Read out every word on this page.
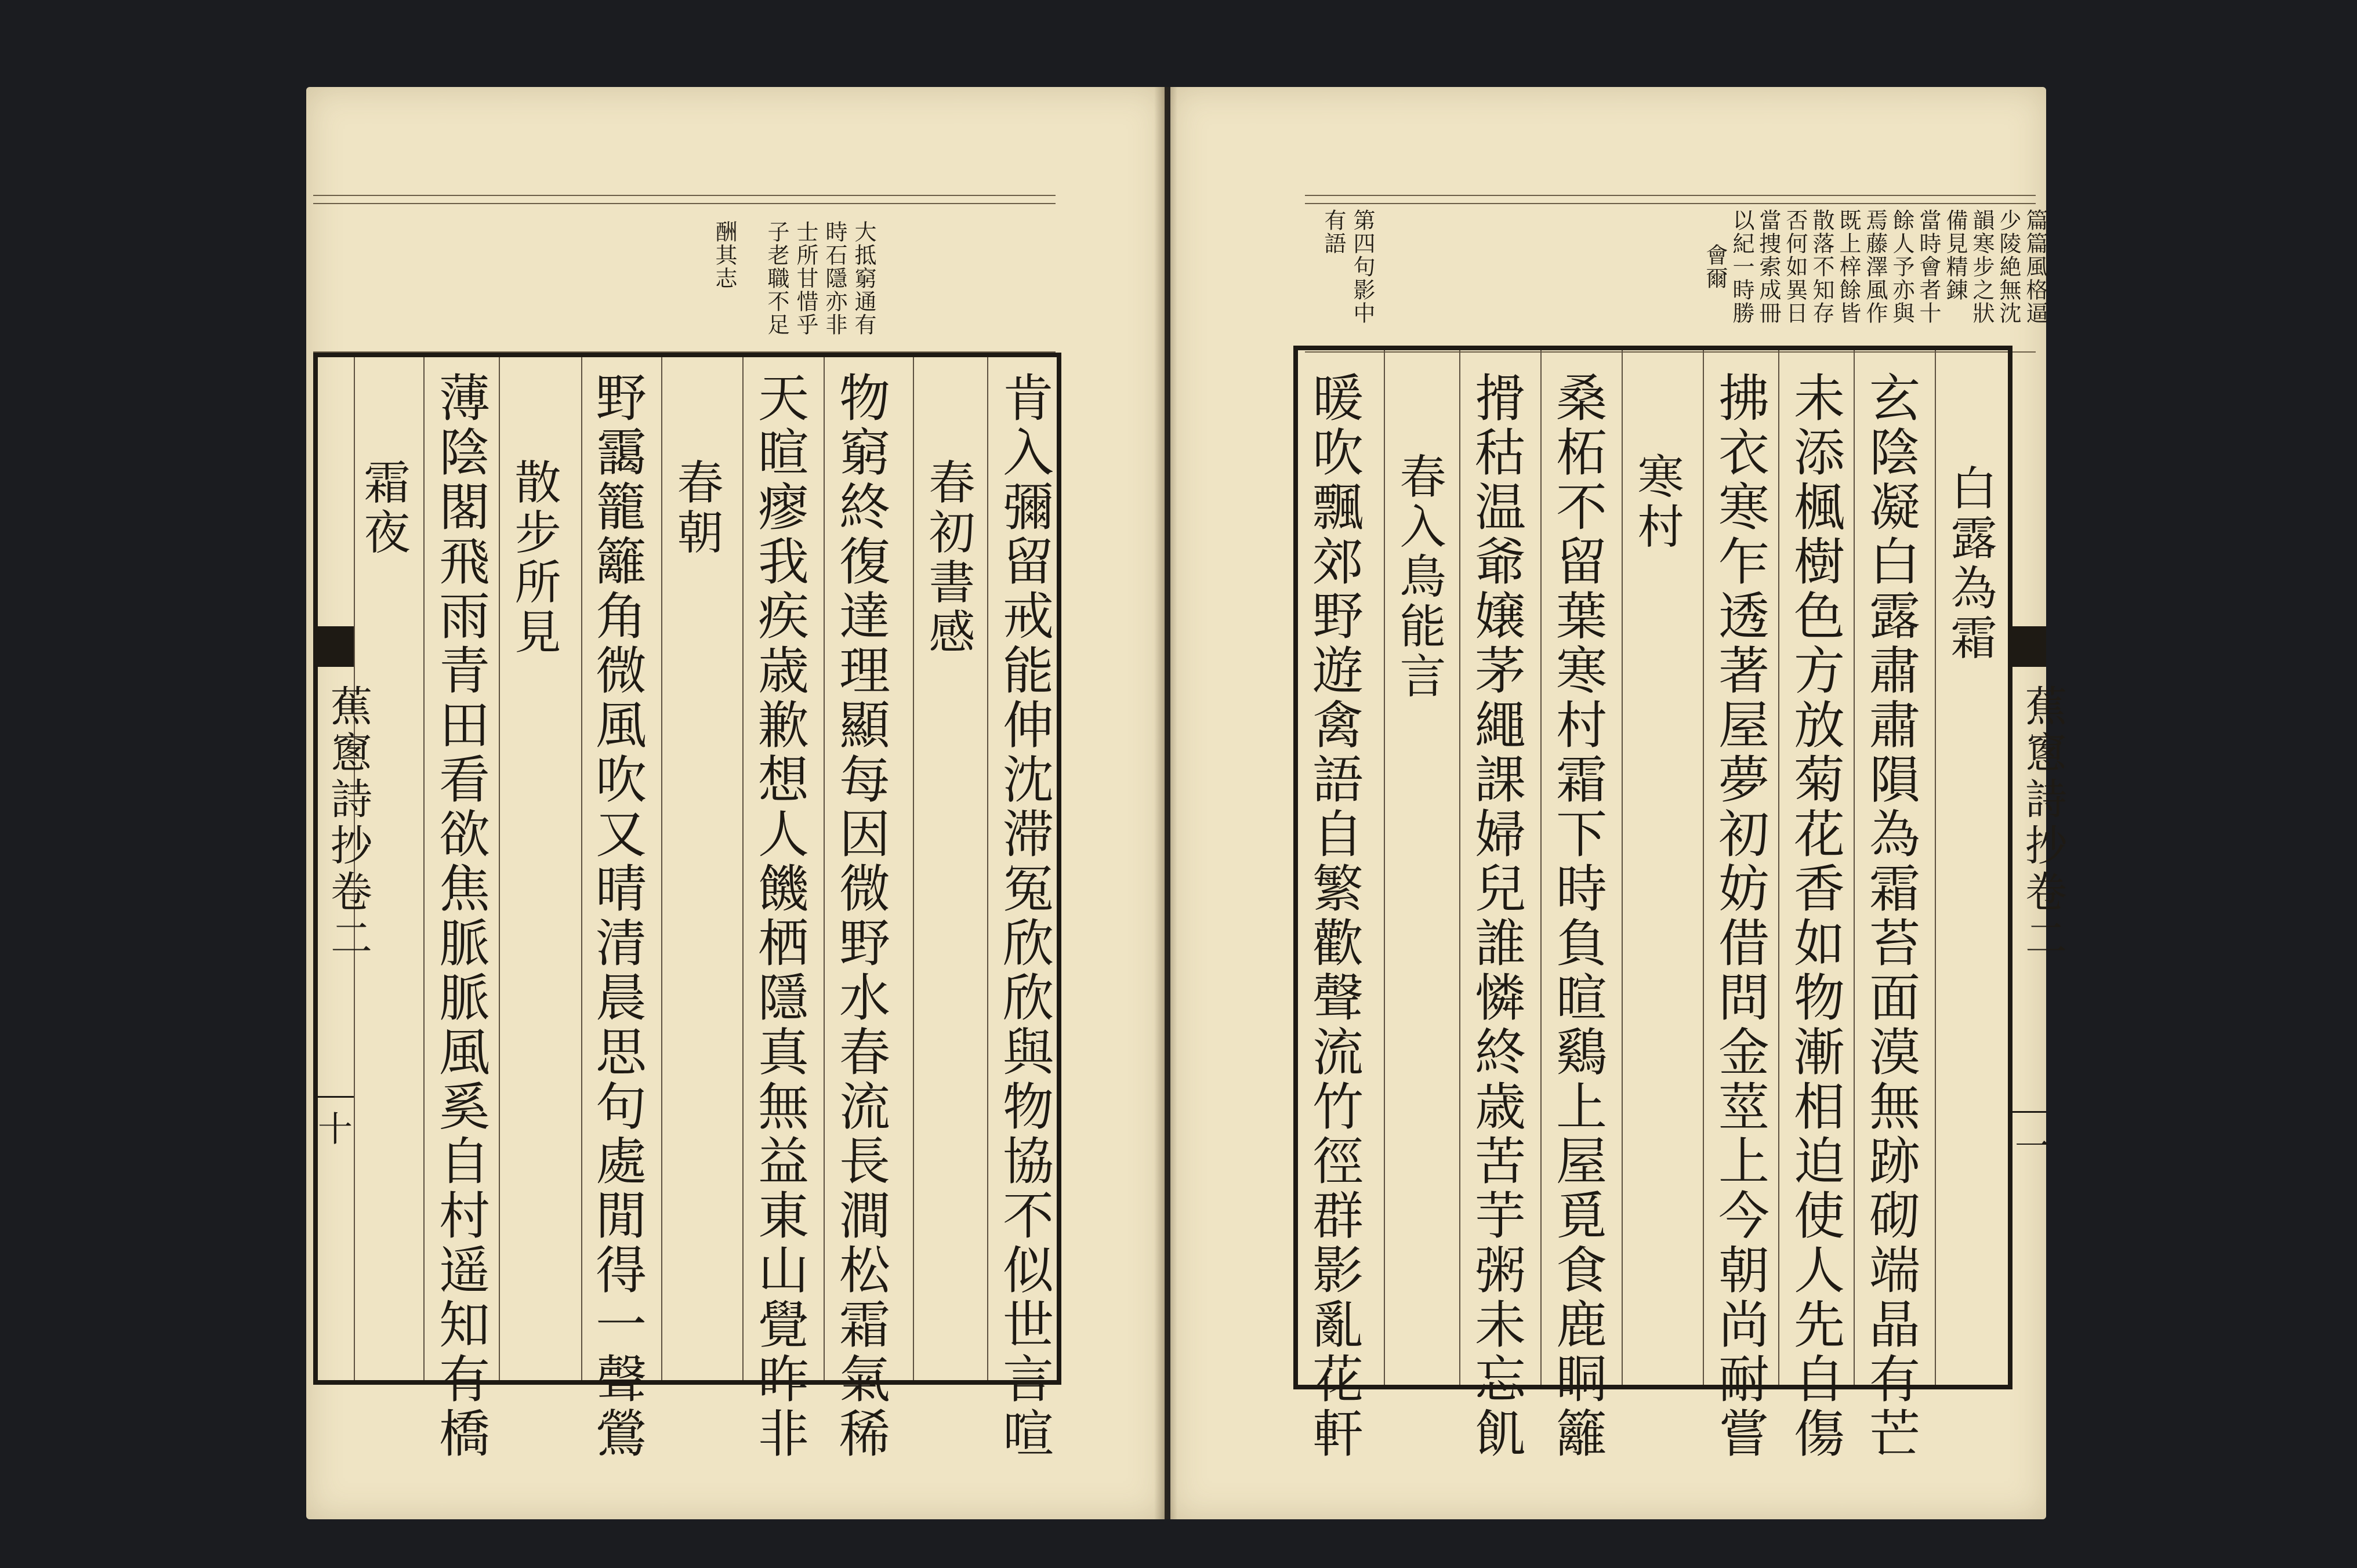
大抵窮通有
時石隱亦非
士所甘惜乎
子老職不足
酬其志
肯入彌留戒能伸沈滞冤欣欣與物協不似世言喧
春初書感
物窮終復達理顯每因微野水春流長澗松霜氣稀
天暄瘳我疾歳歉想人饑栖隱真無益東山覺昨非
春朝
野靄籠籬角微風吹又晴清晨思句處閒得一聲鶯
散步所見
薄陰閣飛雨青田看欲焦脈脈風奚自村遥知有橋
霜夜
蕉窻詩抄卷二
十
篇篇風格逼
少陵絶無沈
韻寒步之狀
備見精錬
當時會者十
餘人予亦與
焉藤澤風作
既上梓餘皆
散落不知存
否何如異日
當捜索成冊
以紀一時勝
會爾
第四句影中
有語
白露為霜
玄陰凝白露肅肅隕為霜苔面漠無跡砌端晶有芒
未添楓樹色方放菊花香如物漸相迫使人先自傷
拂衣寒乍透著屋夢初妨借問金莖上今朝尚耐嘗
寒村
桑柘不留葉寒村霜下時負暄鷄上屋覓食鹿眮籬
搰秙温爺嬢茅繩課婦兒誰憐終歳苦芋粥未忘飢
春入鳥能言
暖吹飄郊野遊禽語自繁歡聲流竹徑群影亂花軒	蕉窻詩抄卷二
一
